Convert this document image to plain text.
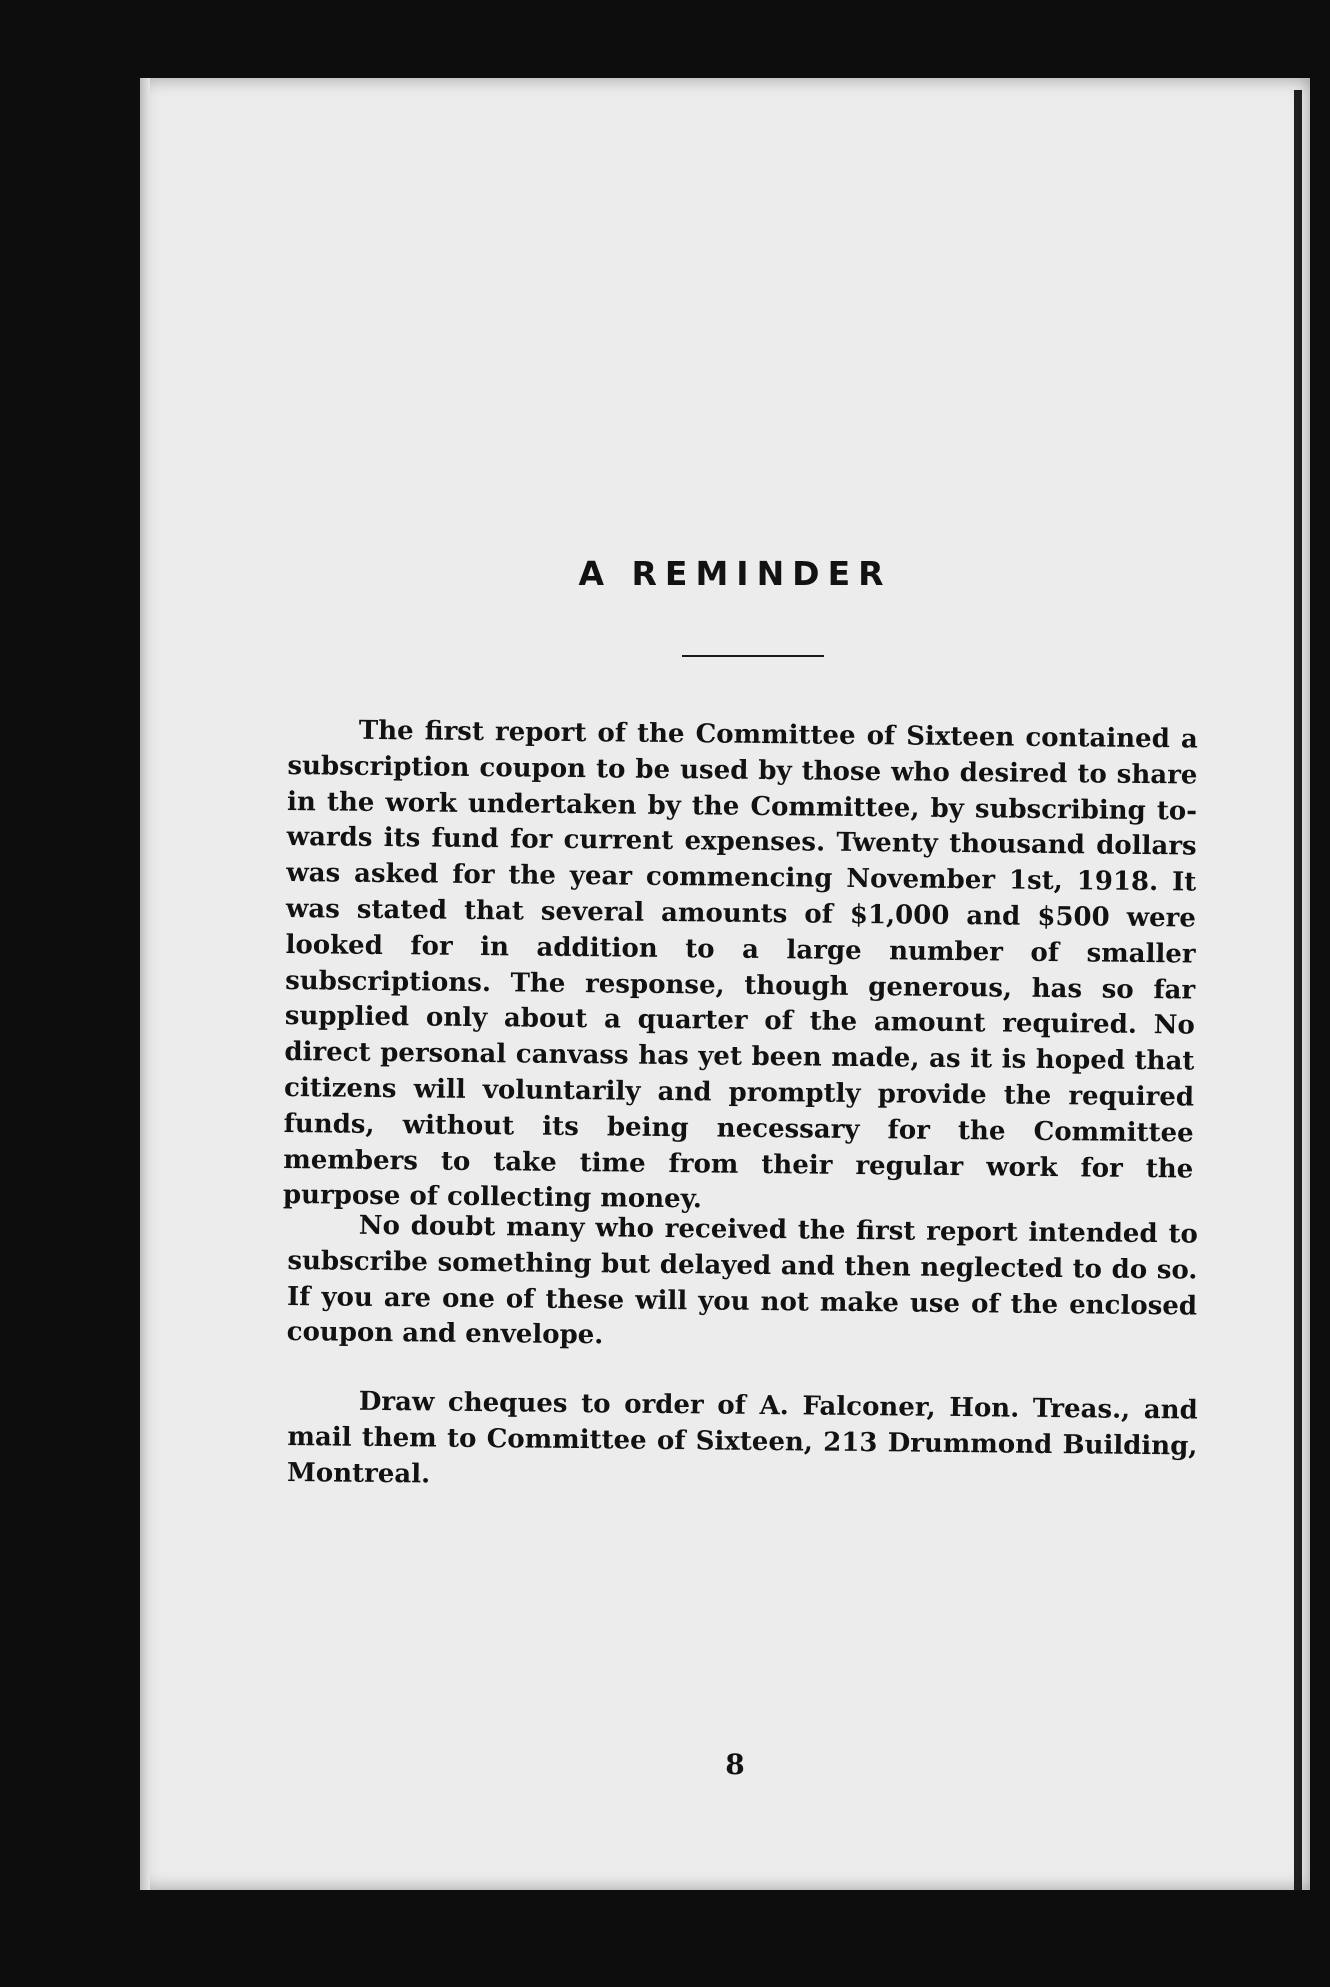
A REMINDER

The first report of the Committee of Sixteen contained a subscription coupon to be used by those who desired to share in the work undertaken by the Committee, by subscribing to-wards its fund for current expenses. Twenty thousand dollars was asked for the year commencing November 1st, 1918. It was stated that several amounts of $1,000 and $500 were looked for in addition to a large number of smaller subscriptions. The response, though generous, has so far supplied only about a quarter of the amount required. No direct personal canvass has yet been made, as it is hoped that citizens will voluntarily and promptly provide the required funds, without its being necessary for the Committee members to take time from their regular work for the purpose of collecting money.

No doubt many who received the first report intended to subscribe something but delayed and then neglected to do so. If you are one of these will you not make use of the enclosed coupon and envelope.

Draw cheques to order of A. Falconer, Hon. Treas., and mail them to Committee of Sixteen, 213 Drummond Building, Montreal.

8
